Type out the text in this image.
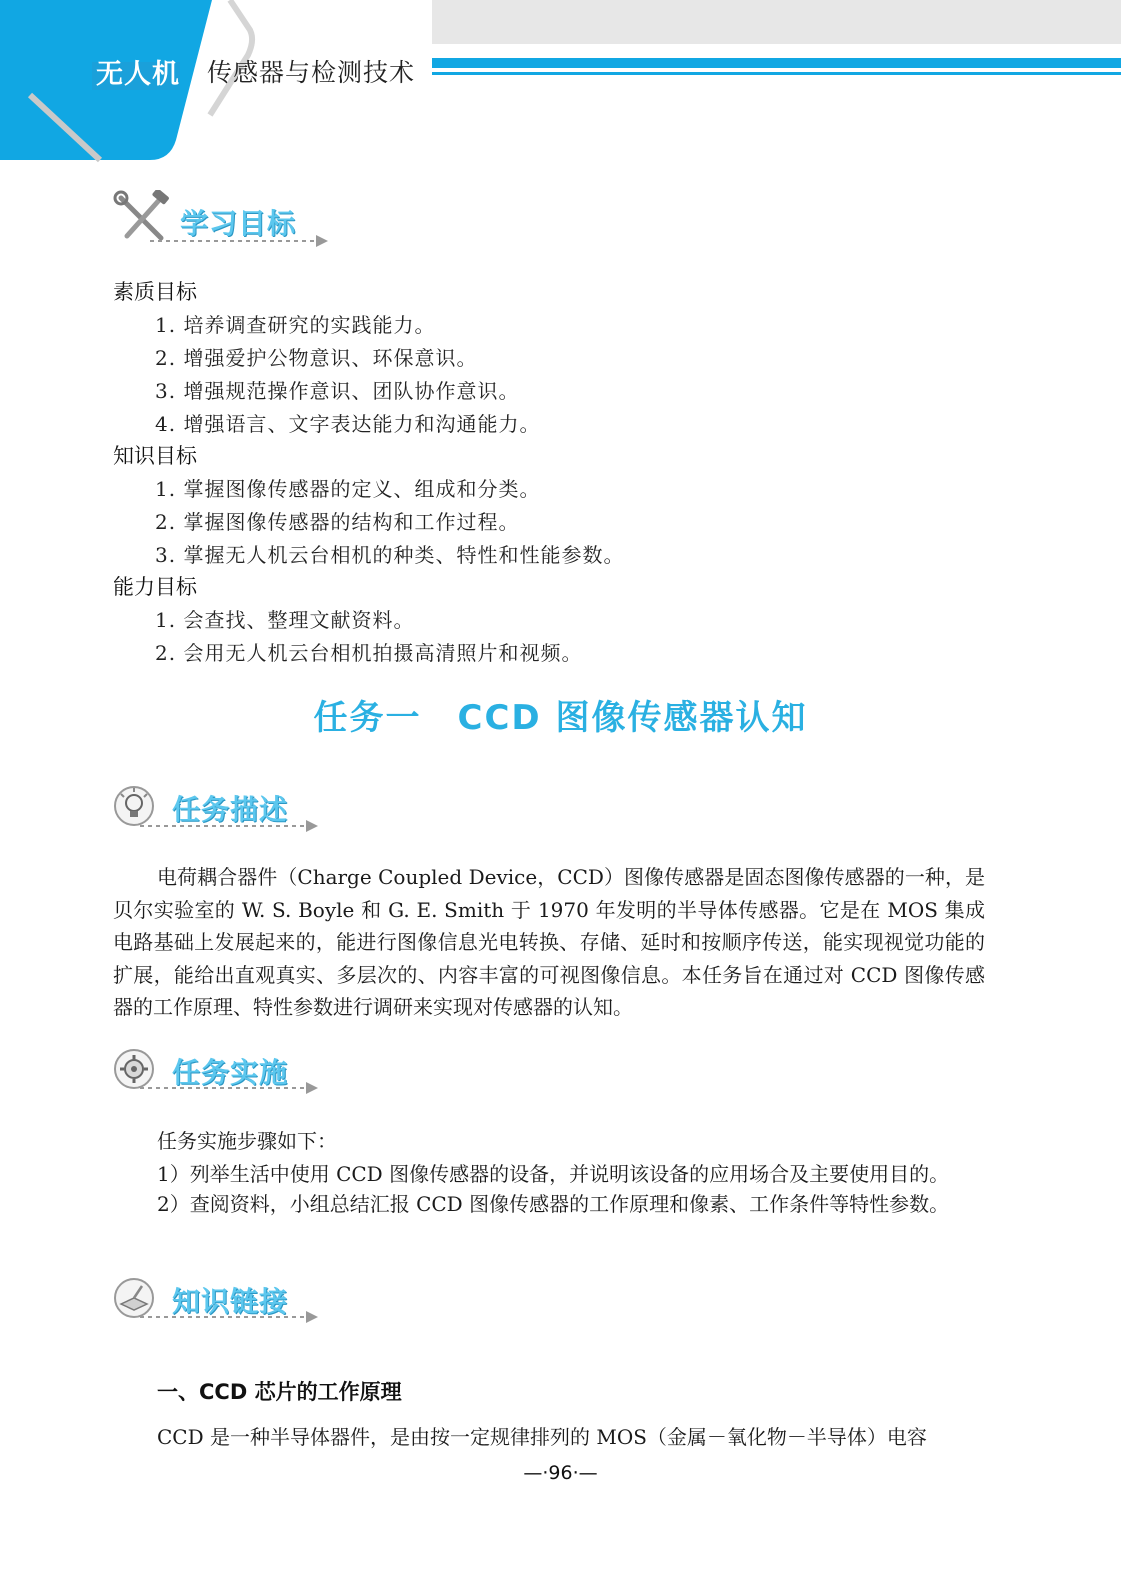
无人机 传感器与检测技术
学习目标
素质目标
1. 培养调查研究的实践能力。
2. 增强爱护公物意识、环保意识。
3. 增强规范操作意识、团队协作意识。
4. 增强语言、文字表达能力和沟通能力。
知识目标
1. 掌握图像传感器的定义、组成和分类。
2. 掌握图像传感器的结构和工作过程。
3. 掌握无人机云台相机的种类、特性和性能参数。
能力目标
1. 会查找、整理文献资料。
2. 会用无人机云台相机拍摄高清照片和视频。
任务一　CCD 图像传感器认知
任务描述
电荷耦合器件（Charge Coupled Device，CCD）图像传感器是固态图像传感器的一种，是贝尔实验室的 W. S. Boyle 和 G. E. Smith 于 1970 年发明的半导体传感器。它是在 MOS 集成电路基础上发展起来的，能进行图像信息光电转换、存储、延时和按顺序传送，能实现视觉功能的扩展，能给出直观真实、多层次的、内容丰富的可视图像信息。本任务旨在通过对 CCD 图像传感器的工作原理、特性参数进行调研来实现对传感器的认知。
任务实施
任务实施步骤如下：
1）列举生活中使用 CCD 图像传感器的设备，并说明该设备的应用场合及主要使用目的。
2）查阅资料，小组总结汇报 CCD 图像传感器的工作原理和像素、工作条件等特性参数。
知识链接
一、CCD 芯片的工作原理
CCD 是一种半导体器件，是由按一定规律排列的 MOS（金属－氧化物－半导体）电容
—·96·—
